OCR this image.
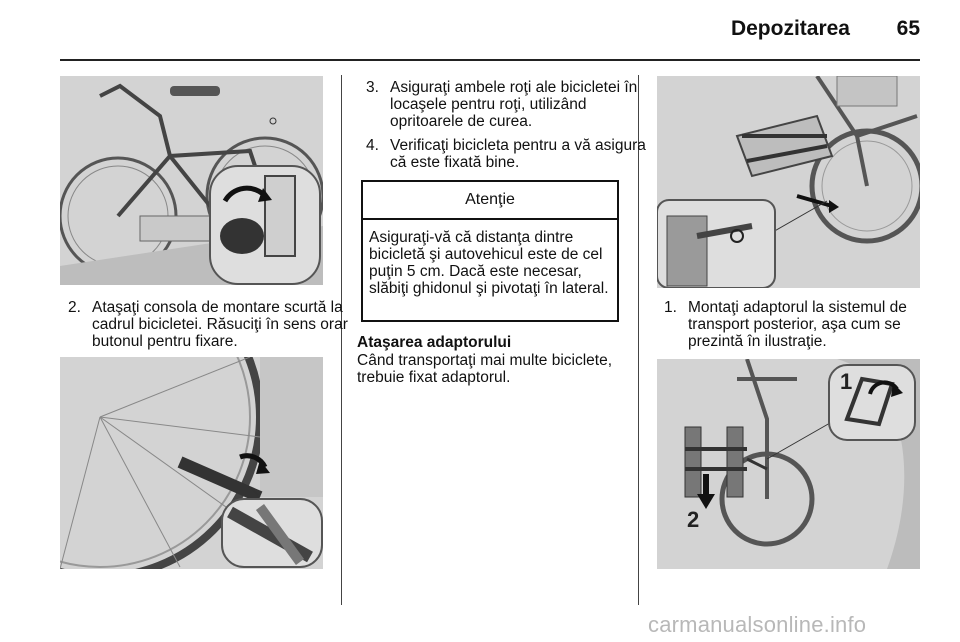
Depozitarea	65
2. Ataşaţi consola de montare scurtă la cadrul bicicletei. Răsuciţi în sens orar butonul pentru fixare.
3. Asiguraţi ambele roţi ale bicicletei în locaşele pentru roţi, utilizând opritoarele de curea.
4. Verificaţi bicicleta pentru a vă asigura că este fixată bine.
Atenţie
Asiguraţi-vă că distanţa dintre bicicletă şi autovehicul este de cel puţin 5 cm. Dacă este necesar, slăbiţi ghidonul şi pivotaţi în lateral.
Ataşarea adaptorului
Când transportaţi mai multe biciclete, trebuie fixat adaptorul.
1. Montaţi adaptorul la sistemul de transport posterior, aşa cum se prezintă în ilustraţie.
1
2
carmanualsonline.info
